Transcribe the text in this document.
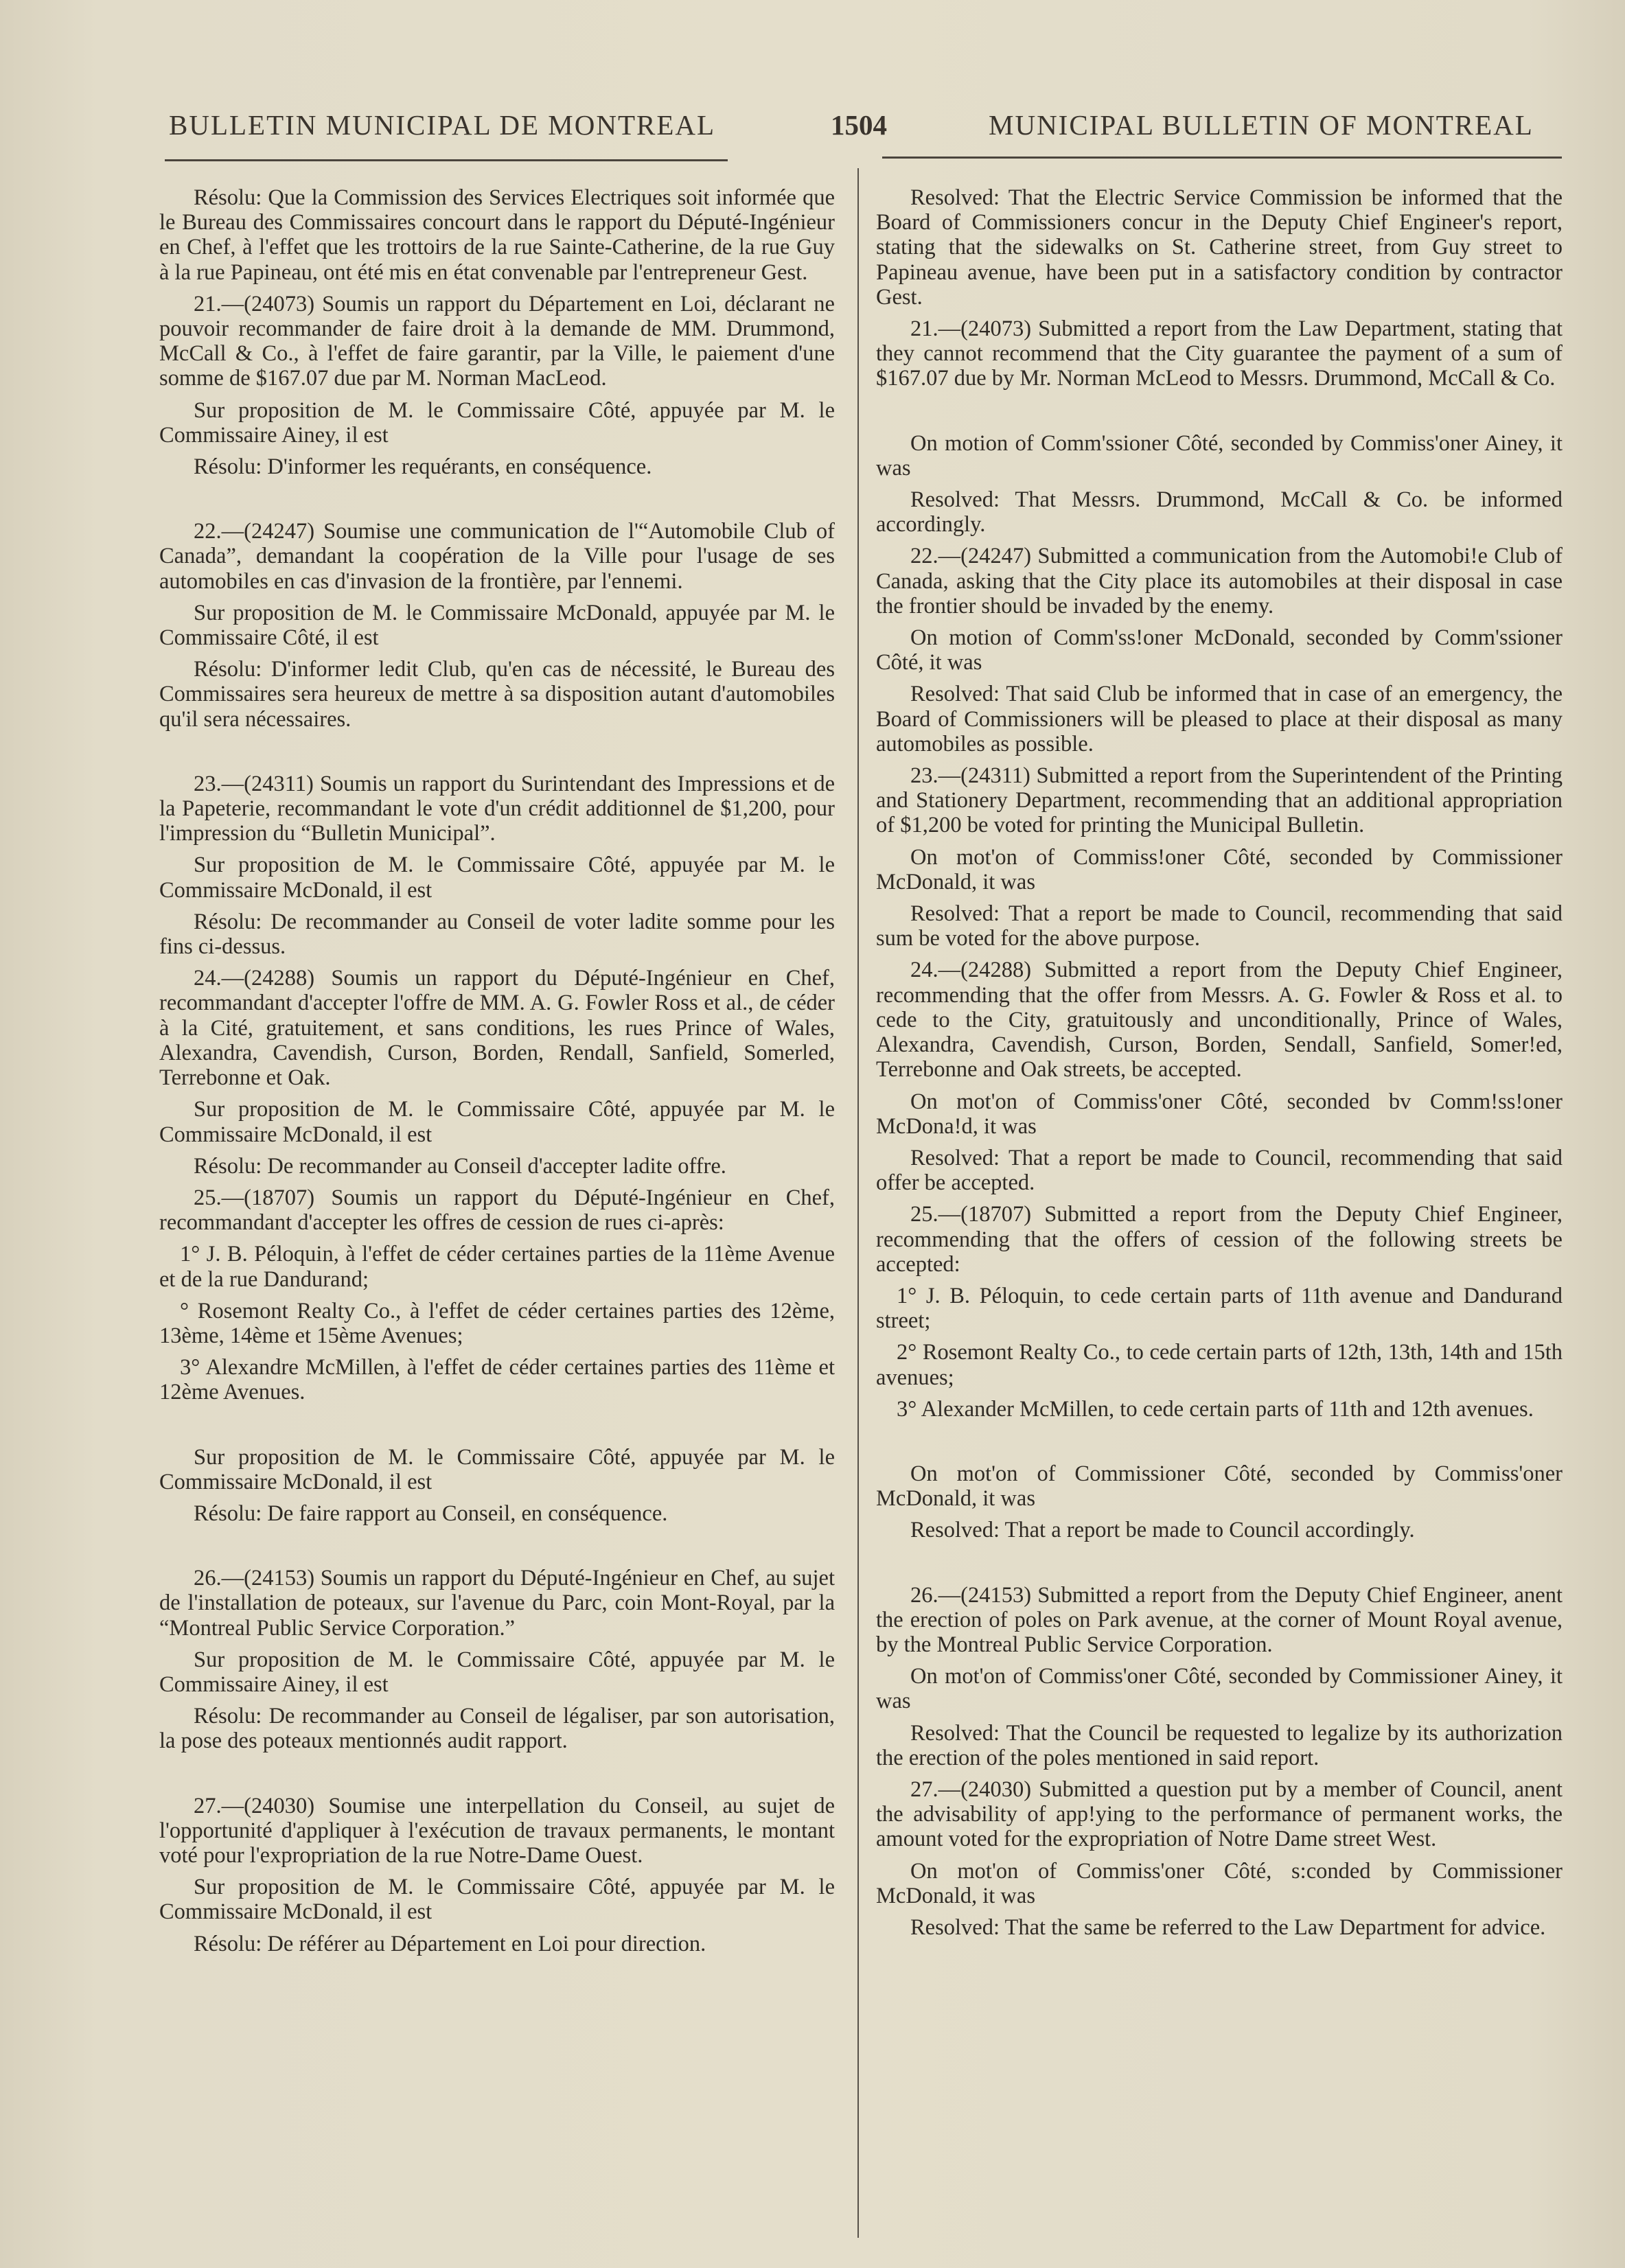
BULLETIN MUNICIPAL DE MONTREAL	1504	MUNICIPAL BULLETIN OF MONTREAL

Résolu: Que la Commission des Services Electriques soit informée que le Bureau des Commissaires concourt dans le rapport du Député-Ingénieur en Chef, à l'effet que les trottoirs de la rue Sainte-Catherine, de la rue Guy à la rue Papineau, ont été mis en état convenable par l'entrepreneur Gest.

21.—(24073) Soumis un rapport du Département en Loi, déclarant ne pouvoir recommander de faire droit à la demande de MM. Drummond, McCall & Co., à l'effet de faire garantir, par la Ville, le paiement d'une somme de $167.07 due par M. Norman MacLeod.

Sur proposition de M. le Commissaire Côté, appuyée par M. le Commissaire Ainey, il est

Résolu: D'informer les requérants, en conséquence.

22.—(24247) Soumise une communication de l'“Automobile Club of Canada”, demandant la coopération de la Ville pour l'usage de ses automobiles en cas d'invasion de la frontière, par l'ennemi.

Sur proposition de M. le Commissaire McDonald, appuyée par M. le Commissaire Côté, il est

Résolu: D'informer ledit Club, qu'en cas de nécessité, le Bureau des Commissaires sera heureux de mettre à sa disposition autant d'automobiles qu'il sera nécessaires.

23.—(24311) Soumis un rapport du Surintendant des Impressions et de la Papeterie, recommandant le vote d'un crédit additionnel de $1,200, pour l'impression du “Bulletin Municipal”.

Sur proposition de M. le Commissaire Côté, appuyée par M. le Commissaire McDonald, il est

Résolu: De recommander au Conseil de voter ladite somme pour les fins ci-dessus.

24.—(24288) Soumis un rapport du Député-Ingénieur en Chef, recommandant d'accepter l'offre de MM. A. G. Fowler Ross et al., de céder à la Cité, gratuitement, et sans conditions, les rues Prince of Wales, Alexandra, Cavendish, Curson, Borden, Rendall, Sanfield, Somerled, Terrebonne et Oak.

Sur proposition de M. le Commissaire Côté, appuyée par M. le Commissaire McDonald, il est

Résolu: De recommander au Conseil d'accepter ladite offre.

25.—(18707) Soumis un rapport du Député-Ingénieur en Chef, recommandant d'accepter les offres de cession de rues ci-après:

1° J. B. Péloquin, à l'effet de céder certaines parties de la 11ème Avenue et de la rue Dandurand;

° Rosemont Realty Co., à l'effet de céder certaines parties des 12ème, 13ème, 14ème et 15ème Avenues;

3° Alexandre McMillen, à l'effet de céder certaines parties des 11ème et 12ème Avenues.

Sur proposition de M. le Commissaire Côté, appuyée par M. le Commissaire McDonald, il est

Résolu: De faire rapport au Conseil, en conséquence.

26.—(24153) Soumis un rapport du Député-Ingénieur en Chef, au sujet de l'installation de poteaux, sur l'avenue du Parc, coin Mont-Royal, par la “Montreal Public Service Corporation.”

Sur proposition de M. le Commissaire Côté, appuyée par M. le Commissaire Ainey, il est

Résolu: De recommander au Conseil de légaliser, par son autorisation, la pose des poteaux mentionnés audit rapport.

27.—(24030) Soumise une interpellation du Conseil, au sujet de l'opportunité d'appliquer à l'exécution de travaux permanents, le montant voté pour l'expropriation de la rue Notre-Dame Ouest.

Sur proposition de M. le Commissaire Côté, appuyée par M. le Commissaire McDonald, il est

Résolu: De référer au Département en Loi pour direction.

Resolved: That the Electric Service Commission be informed that the Board of Commissioners concur in the Deputy Chief Engineer's report, stating that the sidewalks on St. Catherine street, from Guy street to Papineau avenue, have been put in a satisfactory condition by contractor Gest.

21.—(24073) Submitted a report from the Law Department, stating that they cannot recommend that the City guarantee the payment of a sum of $167.07 due by Mr. Norman McLeod to Messrs. Drummond, McCall & Co.

On motion of Comm'ssioner Côté, seconded by Commiss'oner Ainey, it was

Resolved: That Messrs. Drummond, McCall & Co. be informed accordingly.

22.—(24247) Submitted a communication from the Automobi!e Club of Canada, asking that the City place its automobiles at their disposal in case the frontier should be invaded by the enemy.

On motion of Comm'ss!oner McDonald, seconded by Comm'ssioner Côté, it was

Resolved: That said Club be informed that in case of an emergency, the Board of Commissioners will be pleased to place at their disposal as many automobiles as possible.

23.—(24311) Submitted a report from the Superintendent of the Printing and Stationery Department, recommending that an additional appropriation of $1,200 be voted for printing the Municipal Bulletin.

On mot'on of Commiss!oner Côté, seconded by Commissioner McDonald, it was

Resolved: That a report be made to Council, recommending that said sum be voted for the above purpose.

24.—(24288) Submitted a report from the Deputy Chief Engineer, recommending that the offer from Messrs. A. G. Fowler & Ross et al. to cede to the City, gratuitously and unconditionally, Prince of Wales, Alexandra, Cavendish, Curson, Borden, Sendall, Sanfield, Somer!ed, Terrebonne and Oak streets, be accepted.

On mot'on of Commiss'oner Côté, seconded bv Comm!ss!oner McDona!d, it was

Resolved: That a report be made to Council, recommending that said offer be accepted.

25.—(18707) Submitted a report from the Deputy Chief Engineer, recommending that the offers of cession of the following streets be accepted:

1° J. B. Péloquin, to cede certain parts of 11th avenue and Dandurand street;

2° Rosemont Realty Co., to cede certain parts of 12th, 13th, 14th and 15th avenues;

3° Alexander McMillen, to cede certain parts of 11th and 12th avenues.

On mot'on of Commissioner Côté, seconded by Commiss'oner McDonald, it was

Resolved: That a report be made to Council accordingly.

26.—(24153) Submitted a report from the Deputy Chief Engineer, anent the erection of poles on Park avenue, at the corner of Mount Royal avenue, by the Montreal Public Service Corporation.

On mot'on of Commiss'oner Côté, seconded by Commissioner Ainey, it was

Resolved: That the Council be requested to legalize by its authorization the erection of the poles mentioned in said report.

27.—(24030) Submitted a question put by a member of Council, anent the advisability of app!ying to the performance of permanent works, the amount voted for the expropriation of Notre Dame street West.

On mot'on of Commiss'oner Côté, s:conded by Commissioner McDonald, it was

Resolved: That the same be referred to the Law Department for advice.
